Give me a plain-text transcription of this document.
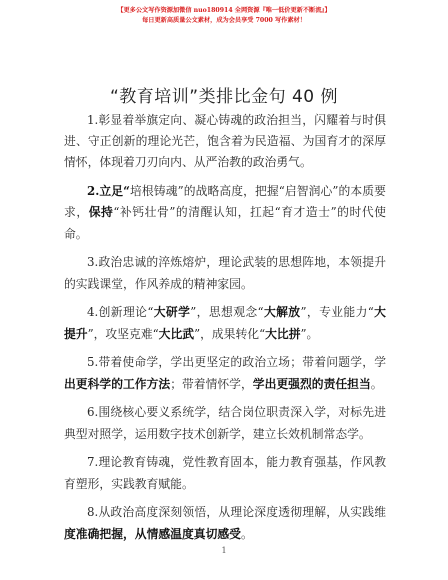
【更多公文写作资源加微信 nuo180914 全网资源『唯一低价更新不断流』】
每日更新高质量公文素材，成为会员享受 7000 写作素材！
“教育培训”类排比金句 40 例

1.彰显着举旗定向、凝心铸魂的政治担当，闪耀着与时俱进、守正创新的理论光芒，饱含着为民造福、为国育才的深厚情怀，体现着刀刃向内、从严治教的政治勇气。

2.立足“培根铸魂”的战略高度，把握“启智润心”的本质要求，保持“补钙壮骨”的清醒认知，扛起“育才造士”的时代使命。

3.政治忠诚的淬炼熔炉，理论武装的思想阵地，本领提升的实践课堂，作风养成的精神家园。

4.创新理论“大研学”，思想观念“大解放”，专业能力“大提升”，攻坚克难“大比武”，成果转化“大比拼”。

5.带着使命学，学出更坚定的政治立场；带着问题学，学出更科学的工作方法；带着情怀学，学出更强烈的责任担当。

6.围绕核心要义系统学，结合岗位职责深入学，对标先进典型对照学，运用数字技术创新学，建立长效机制常态学。

7.理论教育铸魂，党性教育固本，能力教育强基，作风教育塑形，实践教育赋能。

8.从政治高度深刻领悟，从理论深度透彻理解，从实践维度准确把握，从情感温度真切感受。

1
